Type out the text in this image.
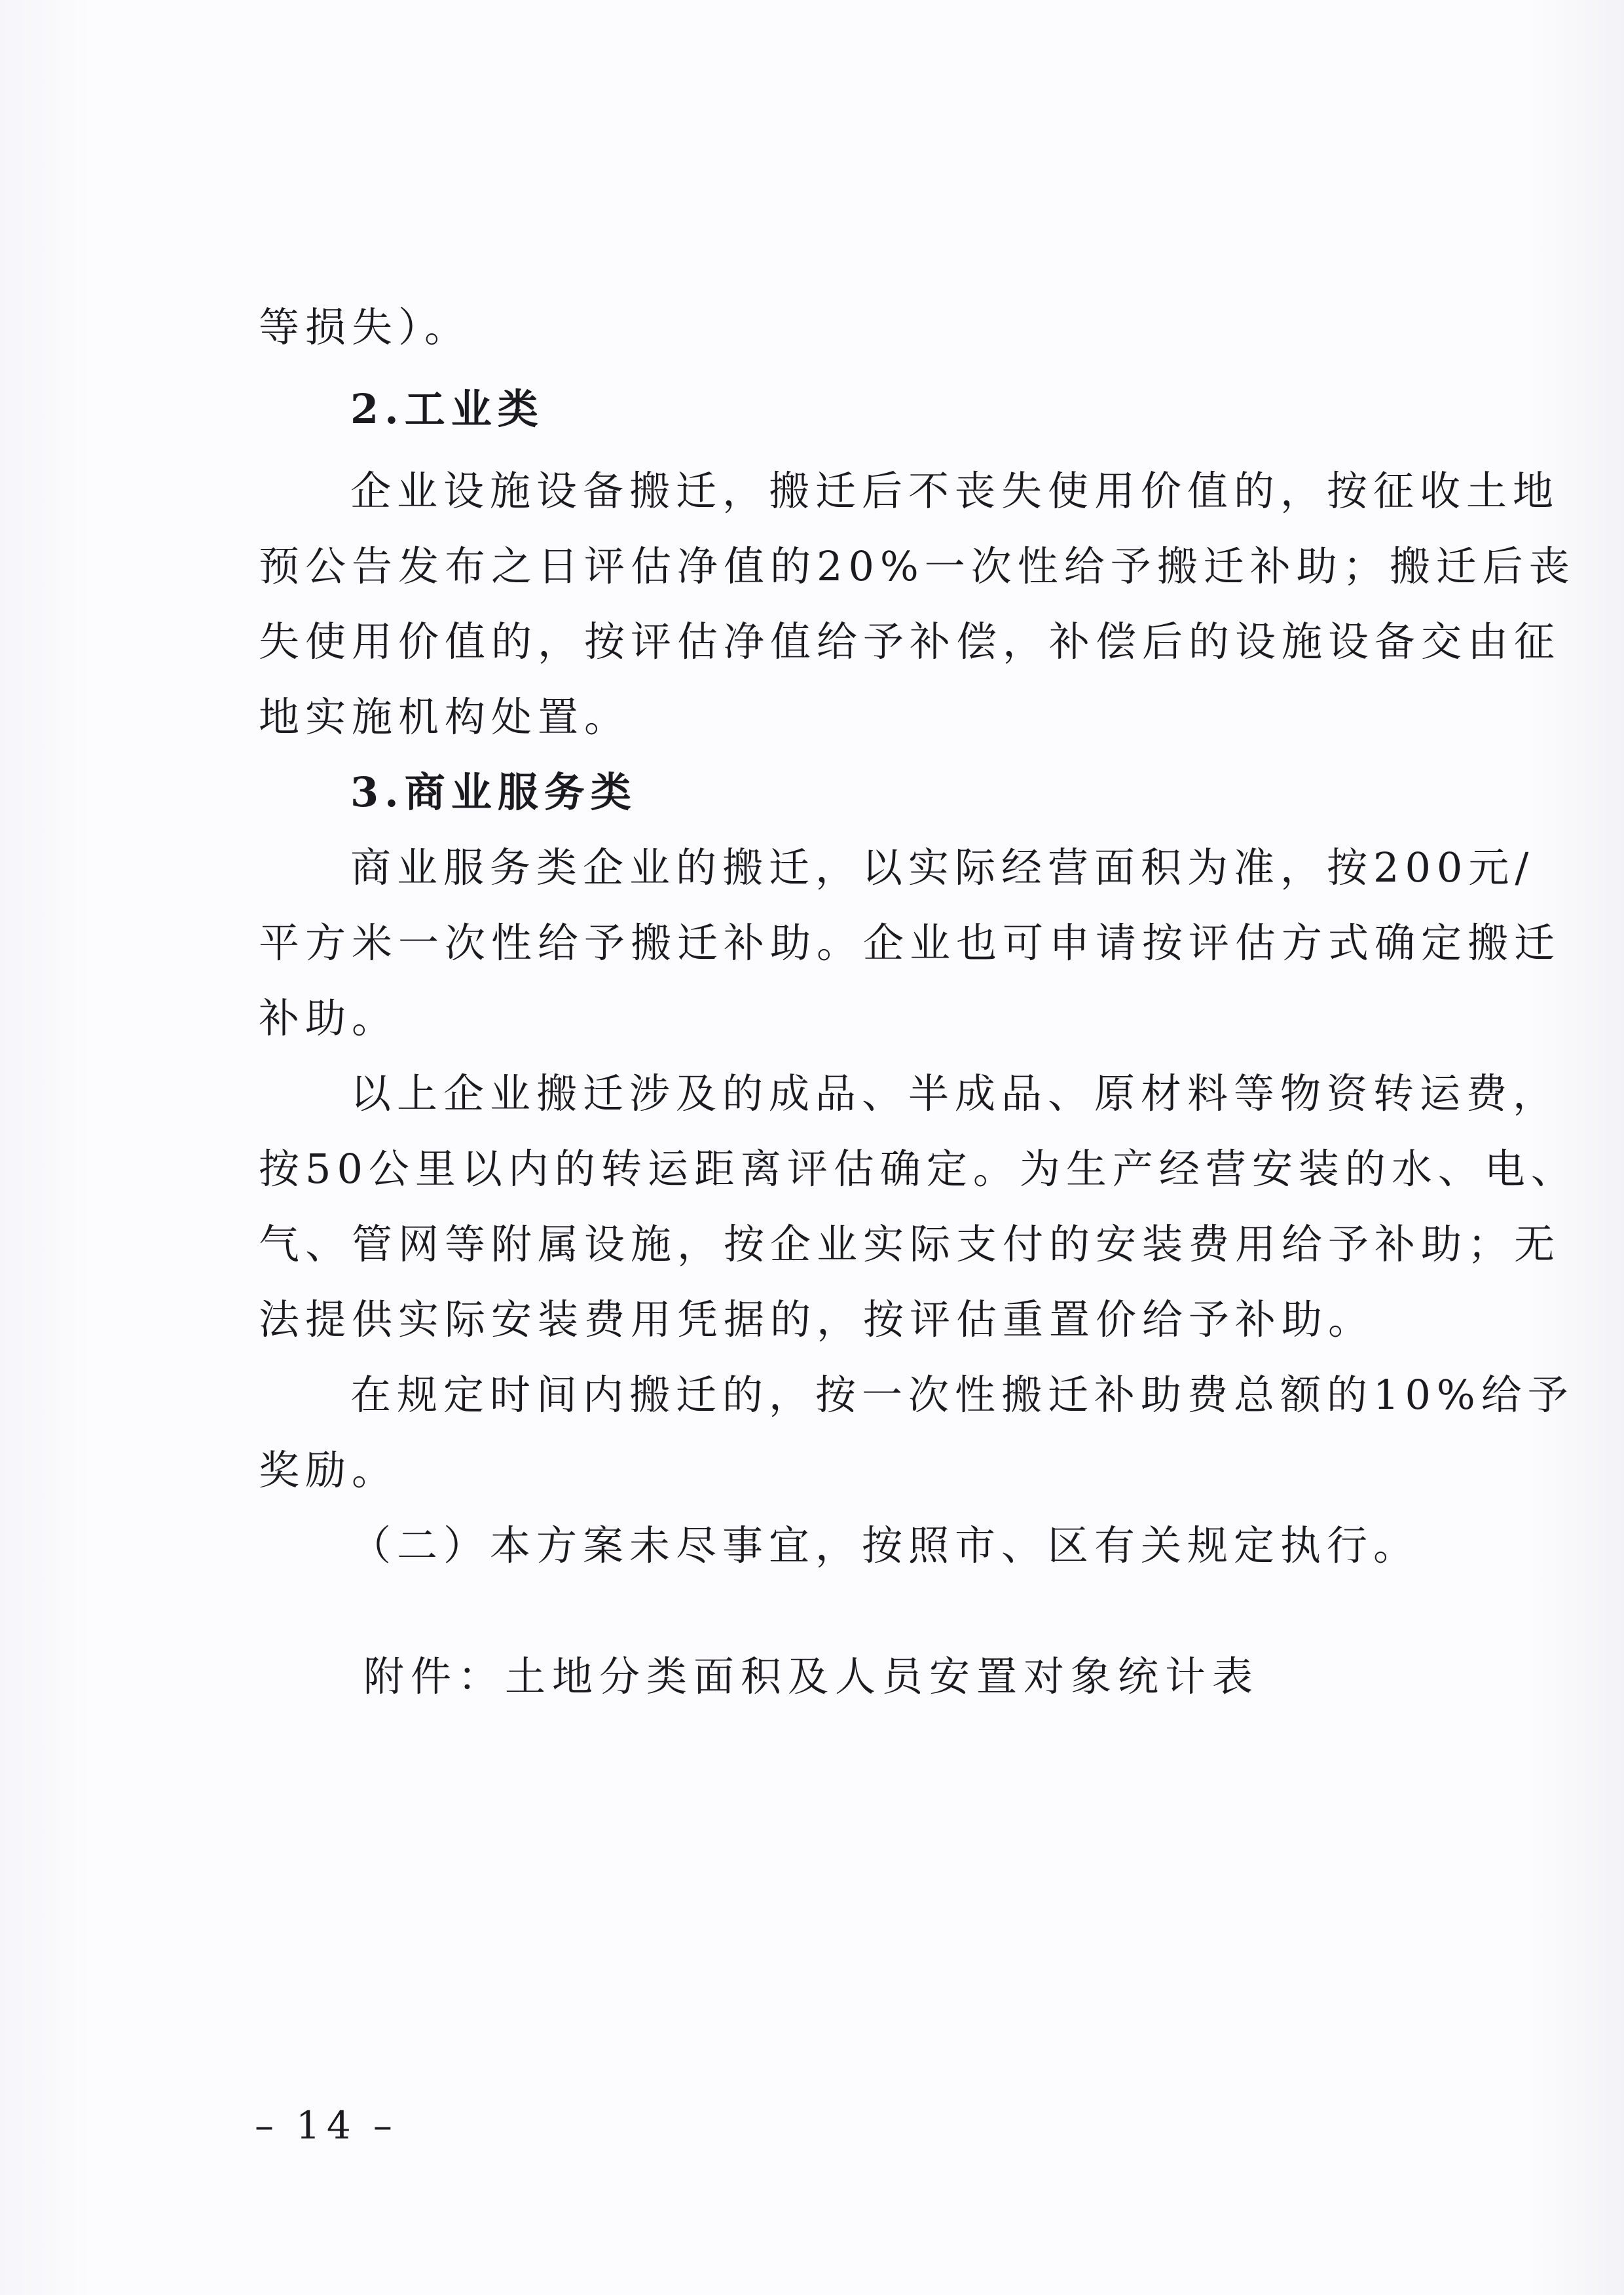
等损失）。
2.工业类
企业设施设备搬迁，搬迁后不丧失使用价值的，按征收土地
预公告发布之日评估净值的20%一次性给予搬迁补助；搬迁后丧
失使用价值的，按评估净值给予补偿，补偿后的设施设备交由征
地实施机构处置。
3.商业服务类
商业服务类企业的搬迁，以实际经营面积为准，按200元/
平方米一次性给予搬迁补助。企业也可申请按评估方式确定搬迁
补助。
以上企业搬迁涉及的成品、半成品、原材料等物资转运费，
按50公里以内的转运距离评估确定。为生产经营安装的水、电、
气、管网等附属设施，按企业实际支付的安装费用给予补助；无
法提供实际安装费用凭据的，按评估重置价给予补助。
在规定时间内搬迁的，按一次性搬迁补助费总额的10%给予
奖励。
（二）本方案未尽事宜，按照市、区有关规定执行。
附件：土地分类面积及人员安置对象统计表
– 14 –
